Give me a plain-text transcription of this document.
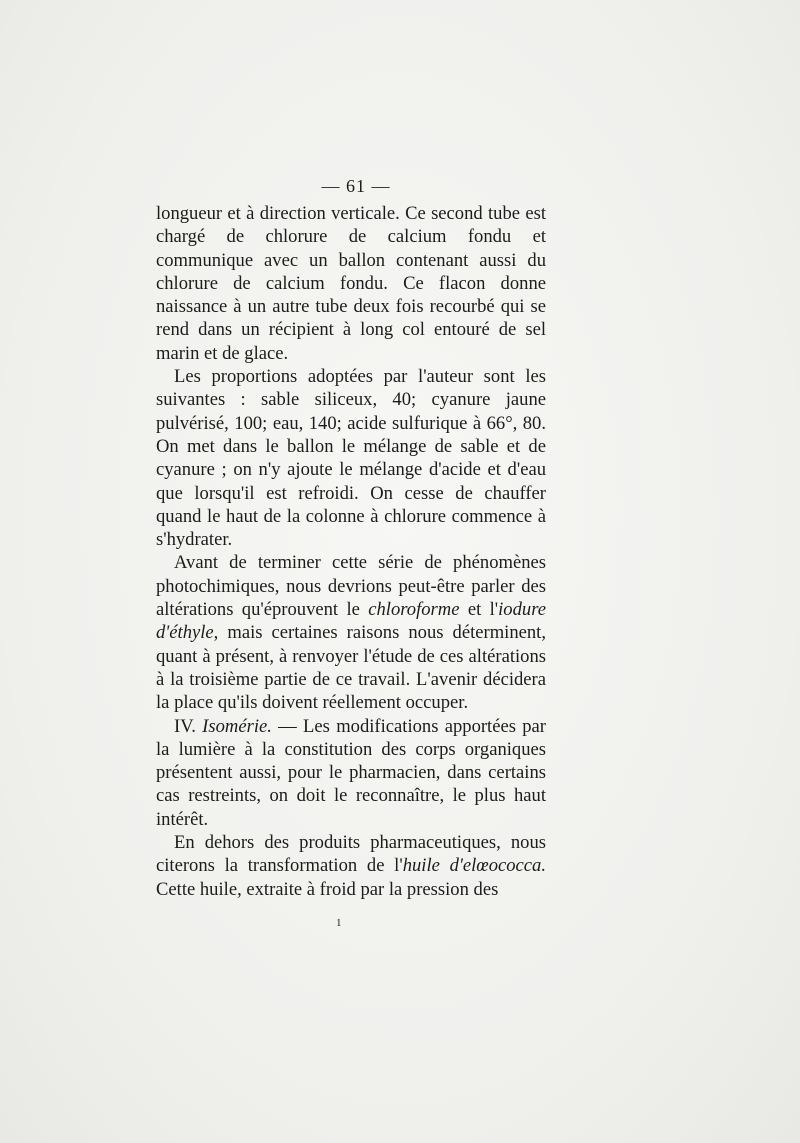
— 61 —

longueur et à direction verticale. Ce second tube est chargé de chlorure de calcium fondu et communique avec un ballon contenant aussi du chlorure de calcium fondu. Ce flacon donne naissance à un autre tube deux fois recourbé qui se rend dans un récipient à long col entouré de sel marin et de glace.

Les proportions adoptées par l'auteur sont les suivantes : sable siliceux, 40; cyanure jaune pulvérisé, 100; eau, 140; acide sulfurique à 66°, 80. On met dans le ballon le mélange de sable et de cyanure ; on n'y ajoute le mélange d'acide et d'eau que lorsqu'il est refroidi. On cesse de chauffer quand le haut de la colonne à chlorure commence à s'hydrater.

Avant de terminer cette série de phénomènes photochimiques, nous devrions peut-être parler des altérations qu'éprouvent le chloroforme et l'iodure d'éthyle, mais certaines raisons nous déterminent, quant à présent, à renvoyer l'étude de ces altérations à la troisième partie de ce travail. L'avenir décidera la place qu'ils doivent réellement occuper.

IV. Isomérie. — Les modifications apportées par la lumière à la constitution des corps organiques présentent aussi, pour le pharmacien, dans certains cas restreints, on doit le reconnaître, le plus haut intérêt.

En dehors des produits pharmaceutiques, nous citerons la transformation de l'huile d'elœococca. Cette huile, extraite à froid par la pression des

1
